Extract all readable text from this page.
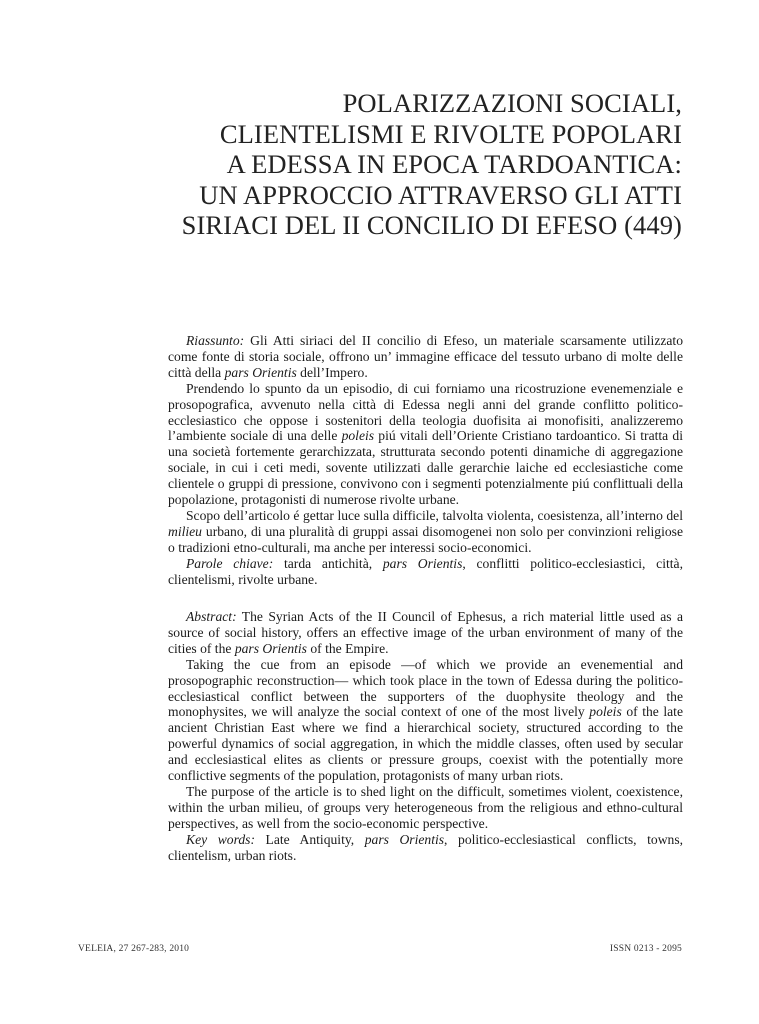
POLARIZZAZIONI SOCIALI,
CLIENTELISMI E RIVOLTE POPOLARI
A EDESSA IN EPOCA TARDOANTICA:
UN APPROCCIO ATTRAVERSO GLI ATTI
SIRIACI DEL II CONCILIO DI EFESO (449)

Riassunto: Gli Atti siriaci del II concilio di Efeso, un materiale scarsamente utilizzato come fonte di storia sociale, offrono un’ immagine efficace del tessuto urbano di molte delle città della pars Orientis dell’Impero.

Prendendo lo spunto da un episodio, di cui forniamo una ricostruzione evenemenziale e prosopografica, avvenuto nella città di Edessa negli anni del grande conflitto politico-ecclesiastico che oppose i sostenitori della teologia duofisita ai monofisiti, analizzeremo l’ambiente sociale di una delle poleis piú vitali dell’Oriente Cristiano tardoantico. Si tratta di una società fortemente gerarchizzata, strutturata secondo potenti dinamiche di aggregazione sociale, in cui i ceti medi, sovente utilizzati dalle gerarchie laiche ed ecclesiastiche come clientele o gruppi di pressione, convivono con i segmenti potenzialmente piú conflittuali della popolazione, protagonisti di numerose rivolte urbane.

Scopo dell’articolo é gettar luce sulla difficile, talvolta violenta, coesistenza, all’interno del milieu urbano, di una pluralità di gruppi assai disomogenei non solo per convinzioni religiose o tradizioni etno-culturali, ma anche per interessi socio-economici.

Parole chiave: tarda antichità, pars Orientis, conflitti politico-ecclesiastici, città, clientelismi, rivolte urbane.

Abstract: The Syrian Acts of the II Council of Ephesus, a rich material little used as a source of social history, offers an effective image of the urban environment of many of the cities of the pars Orientis of the Empire.

Taking the cue from an episode —of which we provide an evenemential and prosopographic reconstruction— which took place in the town of Edessa during the politico-ecclesiastical conflict between the supporters of the duophysite theology and the monophysites, we will analyze the social context of one of the most lively poleis of the late ancient Christian East where we find a hierarchical society, structured according to the powerful dynamics of social aggregation, in which the middle classes, often used by secular and ecclesiastical elites as clients or pressure groups, coexist with the potentially more conflictive segments of the population, protagonists of many urban riots.

The purpose of the article is to shed light on the difficult, sometimes violent, coexistence, within the urban milieu, of groups very heterogeneous from the religious and ethno-cultural perspectives, as well from the socio-economic perspective.

Key words: Late Antiquity, pars Orientis, politico-ecclesiastical conflicts, towns, clientelism, urban riots.

VELEIA, 27 267-283, 2010	ISSN 0213 - 2095
